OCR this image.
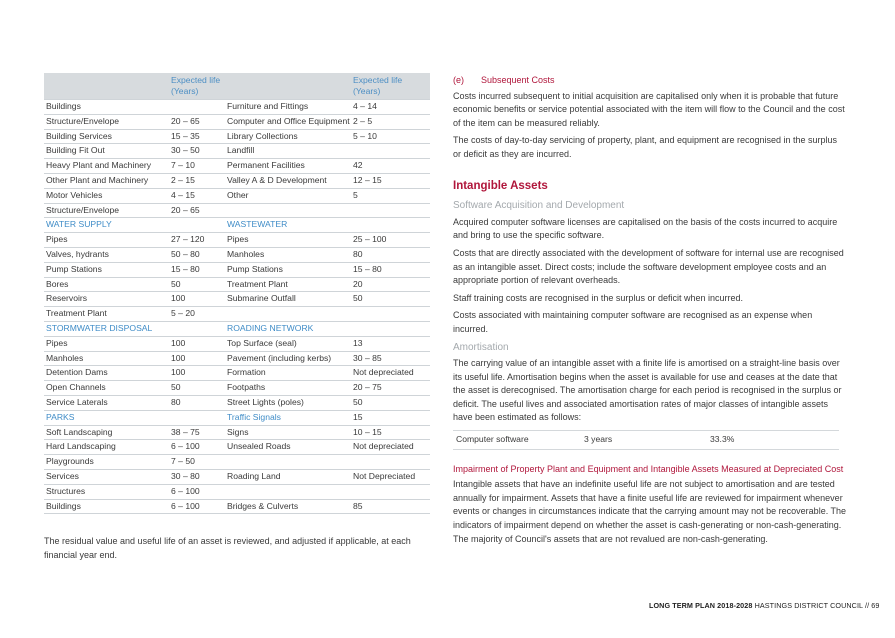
	Expected life (Years)		Expected life (Years)
Buildings		Furniture and Fittings	4 – 14
Structure/Envelope	20 – 65	Computer and Office Equipment	2 – 5
Building Services	15 – 35	Library Collections	5 – 10
Building Fit Out	30 – 50	Landfill	
Heavy Plant and Machinery	7 – 10	Permanent Facilities	42
Other Plant and Machinery	2 – 15	Valley A & D Development	12 – 15
Motor Vehicles	4 – 15	Other	5
Structure/Envelope	20 – 65		
WATER SUPPLY		WASTEWATER	
Pipes	27 – 120	Pipes	25 – 100
Valves, hydrants	50 – 80	Manholes	80
Pump Stations	15 – 80	Pump Stations	15 – 80
Bores	50	Treatment Plant	20
Reservoirs	100	Submarine Outfall	50
Treatment Plant	5 – 20		
STORMWATER DISPOSAL		ROADING NETWORK	
Pipes	100	Top Surface (seal)	13
Manholes	100	Pavement (including kerbs)	30 – 85
Detention Dams	100	Formation	Not depreciated
Open Channels	50	Footpaths	20 – 75
Service Laterals	80	Street Lights (poles)	50
PARKS		Traffic Signals	15
Soft Landscaping	38 – 75	Signs	10 – 15
Hard Landscaping	6 – 100	Unsealed Roads	Not depreciated
Playgrounds	7 – 50		
Services	30 – 80	Roading Land	Not Depreciated
Structures	6 – 100		
Buildings	6 – 100	Bridges & Culverts	85

The residual value and useful life of an asset is reviewed, and adjusted if applicable, at each financial year end.

(e) Subsequent Costs

Costs incurred subsequent to initial acquisition are capitalised only when it is probable that future economic benefits or service potential associated with the item will flow to the Council and the cost of the item can be measured reliably.

The costs of day-to-day servicing of property, plant, and equipment are recognised in the surplus or deficit as they are incurred.

Intangible Assets

Software Acquisition and Development

Acquired computer software licenses are capitalised on the basis of the costs incurred to acquire and bring to use the specific software.

Costs that are directly associated with the development of software for internal use are recognised as an intangible asset. Direct costs; include the software development employee costs and an appropriate portion of relevant overheads.

Staff training costs are recognised in the surplus or deficit when incurred.

Costs associated with maintaining computer software are recognised as an expense when incurred.

Amortisation

The carrying value of an intangible asset with a finite life is amortised on a straight-line basis over its useful life. Amortisation begins when the asset is available for use and ceases at the date that the asset is derecognised. The amortisation charge for each period is recognised in the surplus or deficit. The useful lives and associated amortisation rates of major classes of intangible assets have been estimated as follows:

Computer software	3 years	33.3%

Impairment of Property Plant and Equipment and Intangible Assets Measured at Depreciated Cost

Intangible assets that have an indefinite useful life are not subject to amortisation and are tested annually for impairment. Assets that have a finite useful life are reviewed for impairment whenever events or changes in circumstances indicate that the carrying amount may not be recoverable. The indicators of impairment depend on whether the asset is cash-generating or non-cash-generating. The majority of Council's assets that are not revalued are non-cash-generating.

LONG TERM PLAN 2018-2028 HASTINGS DISTRICT COUNCIL // 69
